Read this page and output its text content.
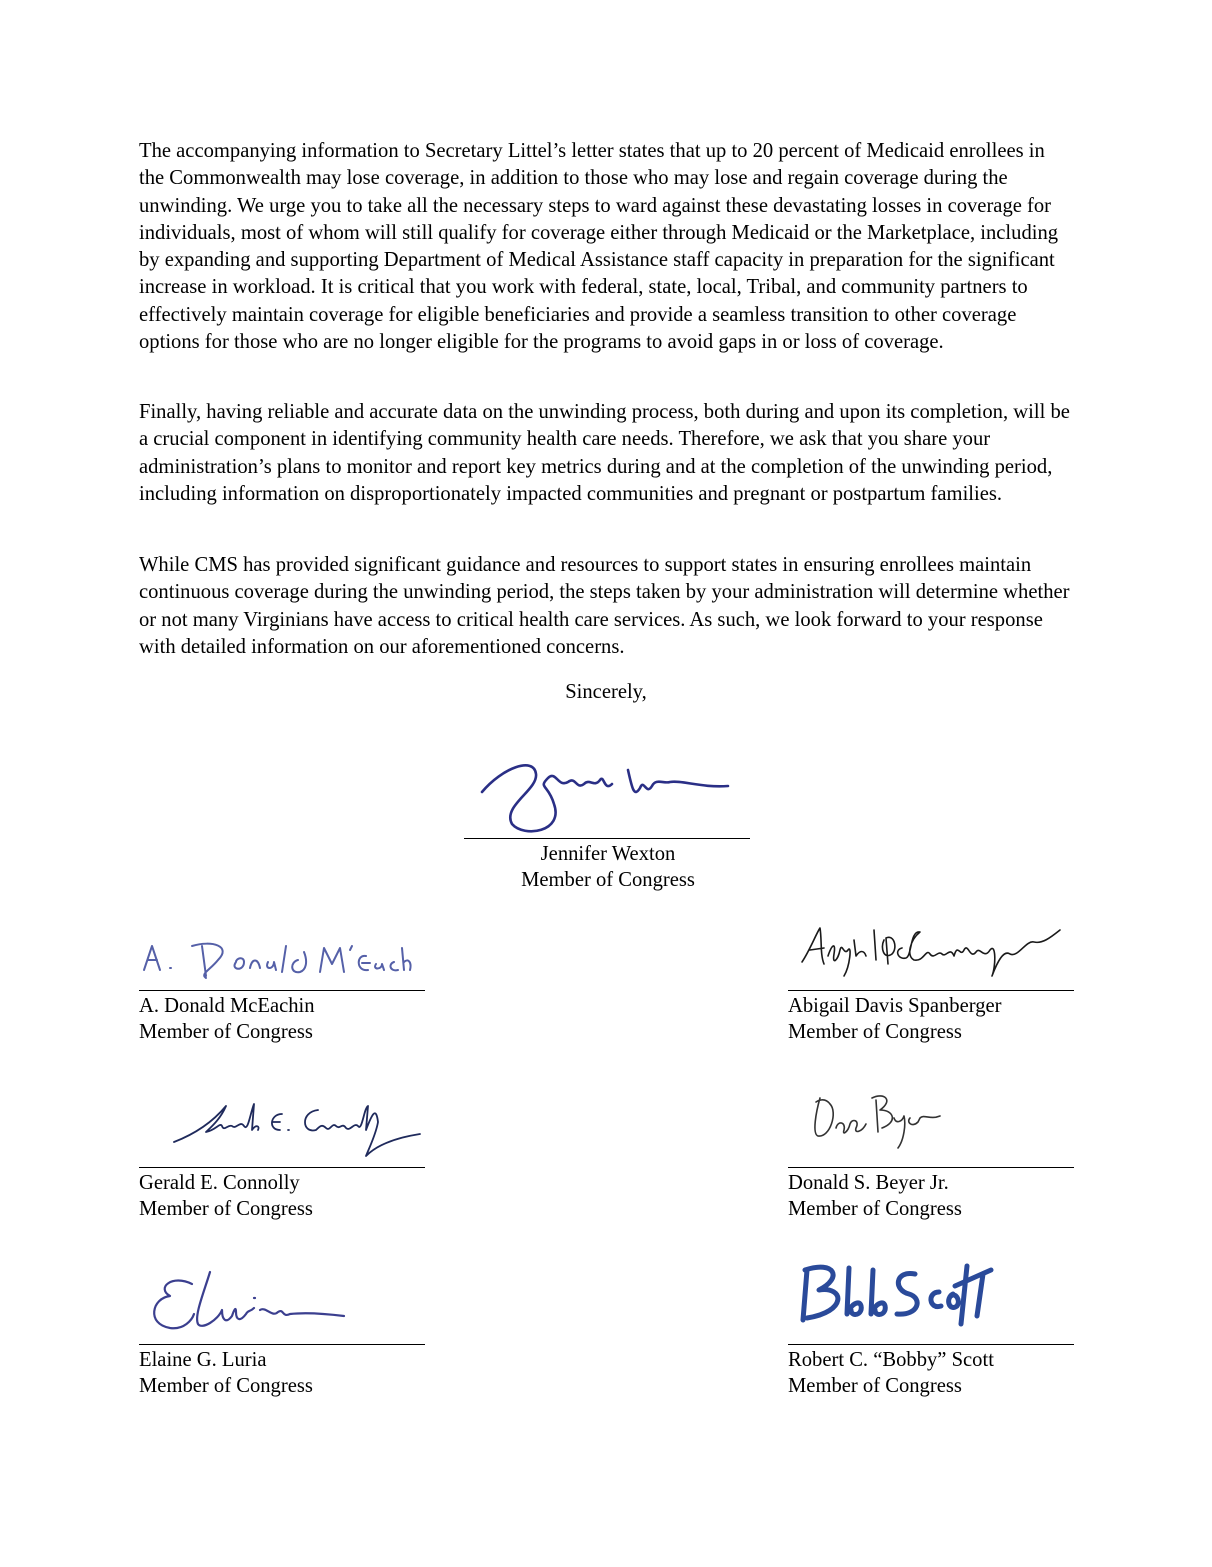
The accompanying information to Secretary Littel’s letter states that up to 20 percent of Medicaid enrollees in the Commonwealth may lose coverage, in addition to those who may lose and regain coverage during the unwinding. We urge you to take all the necessary steps to ward against these devastating losses in coverage for individuals, most of whom will still qualify for coverage either through Medicaid or the Marketplace, including by expanding and supporting Department of Medical Assistance staff capacity in preparation for the significant increase in workload. It is critical that you work with federal, state, local, Tribal, and community partners to effectively maintain coverage for eligible beneficiaries and provide a seamless transition to other coverage options for those who are no longer eligible for the programs to avoid gaps in or loss of coverage.

Finally, having reliable and accurate data on the unwinding process, both during and upon its completion, will be a crucial component in identifying community health care needs. Therefore, we ask that you share your administration’s plans to monitor and report key metrics during and at the completion of the unwinding period, including information on disproportionately impacted communities and pregnant or postpartum families.

While CMS has provided significant guidance and resources to support states in ensuring enrollees maintain continuous coverage during the unwinding period, the steps taken by your administration will determine whether or not many Virginians have access to critical health care services. As such, we look forward to your response with detailed information on our aforementioned concerns.

Sincerely,
Jennifer Wexton
Member of Congress
A. Donald McEachin
Member of Congress
Abigail Davis Spanberger
Member of Congress
Gerald E. Connolly
Member of Congress
Donald S. Beyer Jr.
Member of Congress
Elaine G. Luria
Member of Congress
Robert C. “Bobby” Scott
Member of Congress
